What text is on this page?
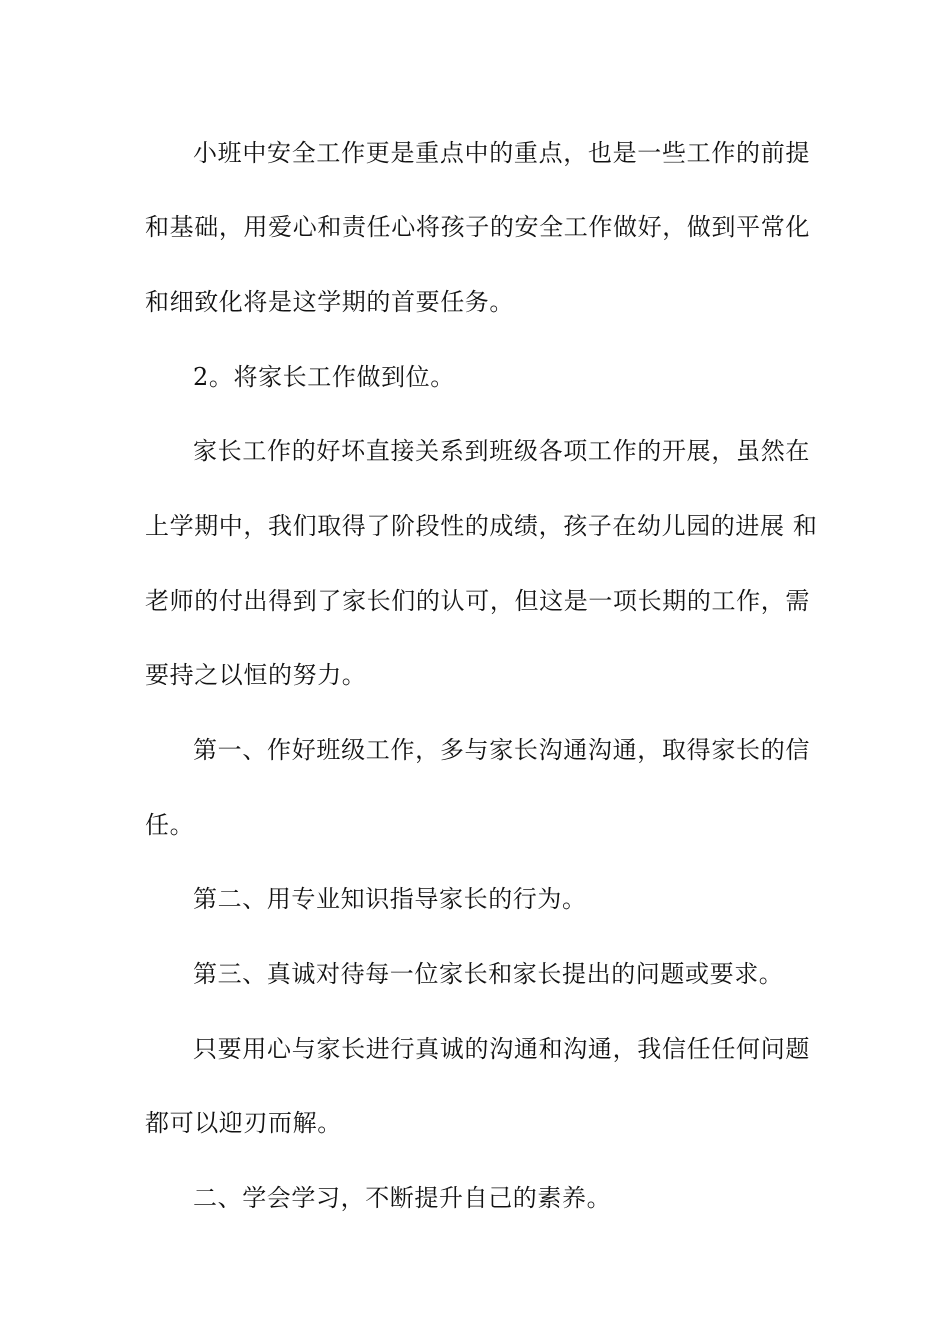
小班中安全工作更是重点中的重点，也是一些工作的前提
和基础，用爱心和责任心将孩子的安全工作做好，做到平常化
和细致化将是这学期的首要任务。
2。将家长工作做到位。
家长工作的好坏直接关系到班级各项工作的开展，虽然在
上学期中，我们取得了阶段性的成绩，孩子在幼儿园的进展 和
老师的付出得到了家长们的认可，但这是一项长期的工作，需
要持之以恒的努力。
第一、作好班级工作，多与家长沟通沟通，取得家长的信
任。
第二、用专业知识指导家长的行为。
第三、真诚对待每一位家长和家长提出的问题或要求。
只要用心与家长进行真诚的沟通和沟通，我信任任何问题
都可以迎刃而解。
二、学会学习，不断提升自己的素养。
